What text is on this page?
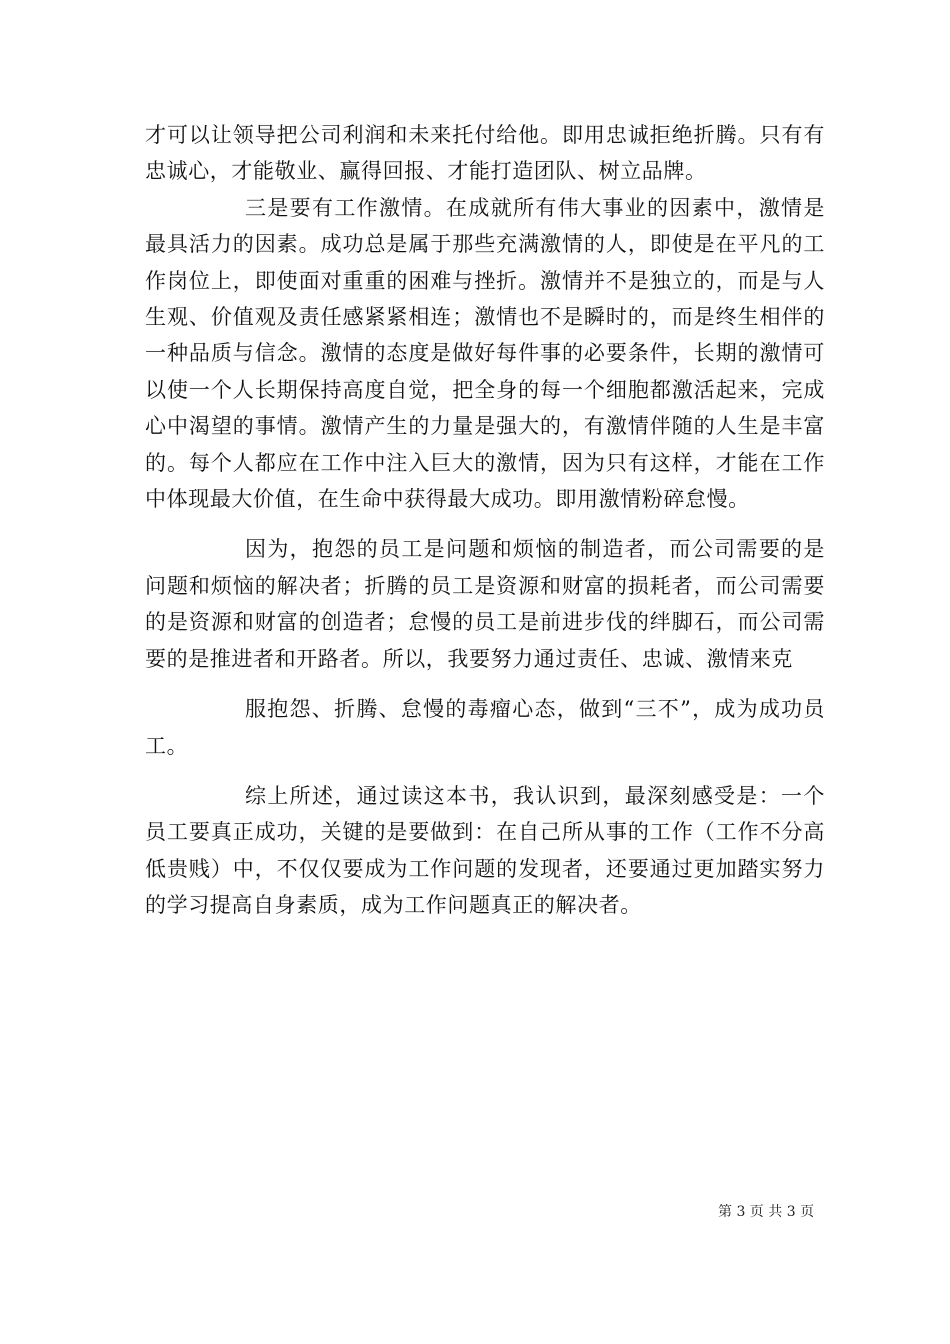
才可以让领导把公司利润和未来托付给他。即用忠诚拒绝折腾。只有有忠诚心，才能敬业、赢得回报、才能打造团队、树立品牌。

三是要有工作激情。在成就所有伟大事业的因素中，激情是最具活力的因素。成功总是属于那些充满激情的人，即使是在平凡的工作岗位上，即使面对重重的困难与挫折。激情并不是独立的，而是与人生观、价值观及责任感紧紧相连；激情也不是瞬时的，而是终生相伴的一种品质与信念。激情的态度是做好每件事的必要条件，长期的激情可以使一个人长期保持高度自觉，把全身的每一个细胞都激活起来，完成心中渴望的事情。激情产生的力量是强大的，有激情伴随的人生是丰富的。每个人都应在工作中注入巨大的激情，因为只有这样，才能在工作中体现最大价值，在生命中获得最大成功。即用激情粉碎怠慢。

因为，抱怨的员工是问题和烦恼的制造者，而公司需要的是问题和烦恼的解决者；折腾的员工是资源和财富的损耗者，而公司需要的是资源和财富的创造者；怠慢的员工是前进步伐的绊脚石，而公司需要的是推进者和开路者。所以，我要努力通过责任、忠诚、激情来克

服抱怨、折腾、怠慢的毒瘤心态，做到“三不”，成为成功员工。

综上所述，通过读这本书，我认识到，最深刻感受是：一个员工要真正成功，关键的是要做到：在自己所从事的工作（工作不分高低贵贱）中，不仅仅要成为工作问题的发现者，还要通过更加踏实努力的学习提高自身素质，成为工作问题真正的解决者。

第 3 页 共 3 页
